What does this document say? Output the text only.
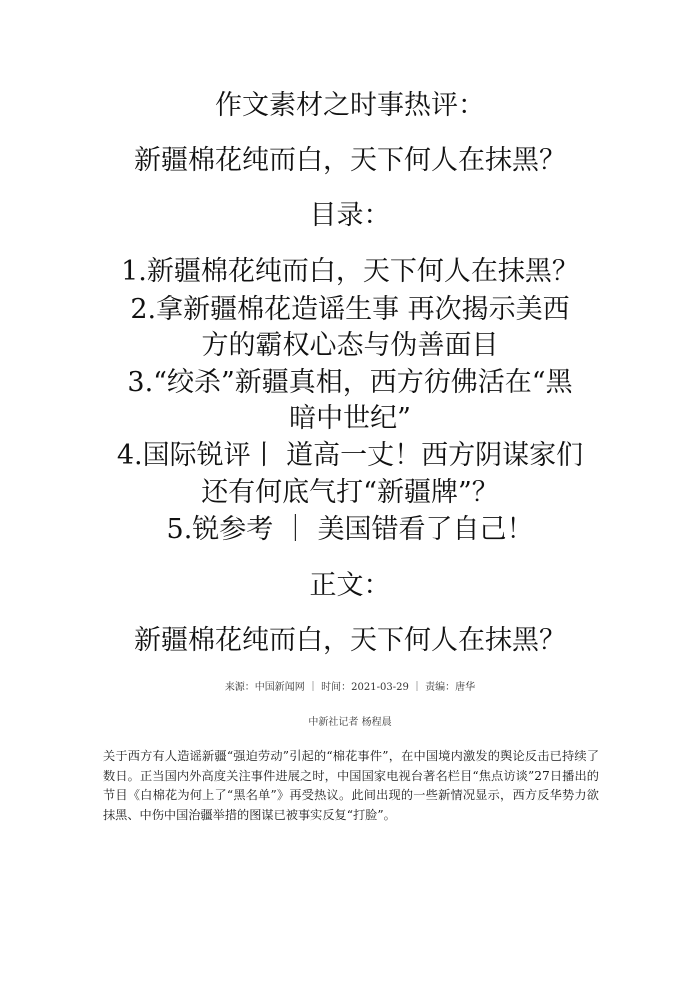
作文素材之时事热评：
新疆棉花纯而白，天下何人在抹黑？
目录：
1.新疆棉花纯而白，天下何人在抹黑？
2.拿新疆棉花造谣生事 再次揭示美西
方的霸权心态与伪善面目
3.“绞杀”新疆真相，西方彷佛活在“黑
暗中世纪”
4.国际锐评丨 道高一丈！西方阴谋家们
还有何底气打“新疆牌”？
5.锐参考 ｜ 美国错看了自己！
正文：
新疆棉花纯而白，天下何人在抹黑？
来源：中国新闻网 ｜ 时间：2021-03-29 ｜ 责编：唐华
中新社记者 杨程晨
关于西方有人造谣新疆“强迫劳动”引起的“棉花事件”，在中国境内激发的舆论反击已持续了数日。正当国内外高度关注事件进展之时，中国国家电视台著名栏目“焦点访谈”27日播出的节目《白棉花为何上了“黑名单”》再受热议。此间出现的一些新情况显示，西方反华势力欲抹黑、中伤中国治疆举措的图谋已被事实反复“打脸”。
